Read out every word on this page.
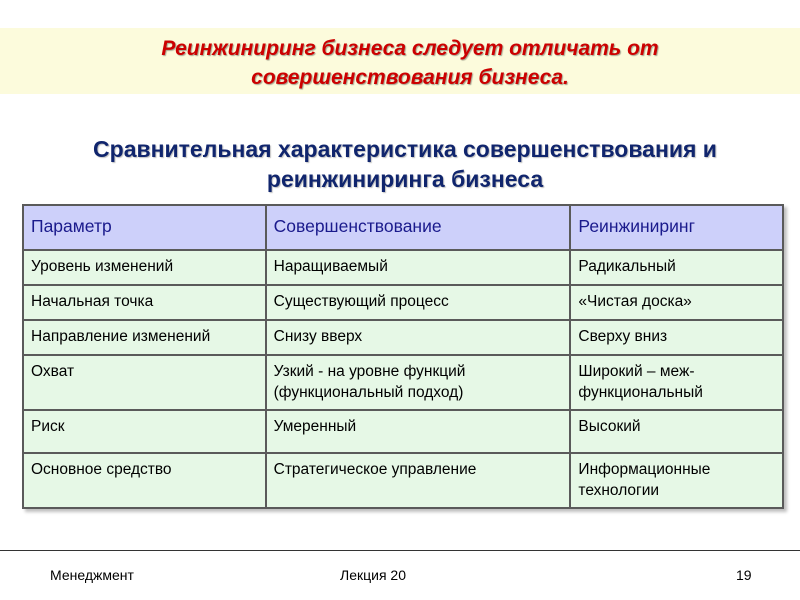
Реинжиниринг бизнеса следует отличать от совершенствования бизнеса.
Сравнительная характеристика совершенствования и реинжиниринга бизнеса
Параметр	Совершенствование	Реинжиниринг
Уровень изменений	Наращиваемый	Радикальный
Начальная точка	Существующий процесс	«Чистая доска»
Направление изменений	Снизу вверх	Сверху вниз
Охват	Узкий - на уровне функций (функциональный подход)	Широкий – меж-функциональный
Риск	Умеренный	Высокий
Основное средство	Стратегическое управление	Информационные технологии
Менеджмент	Лекция 20	19
